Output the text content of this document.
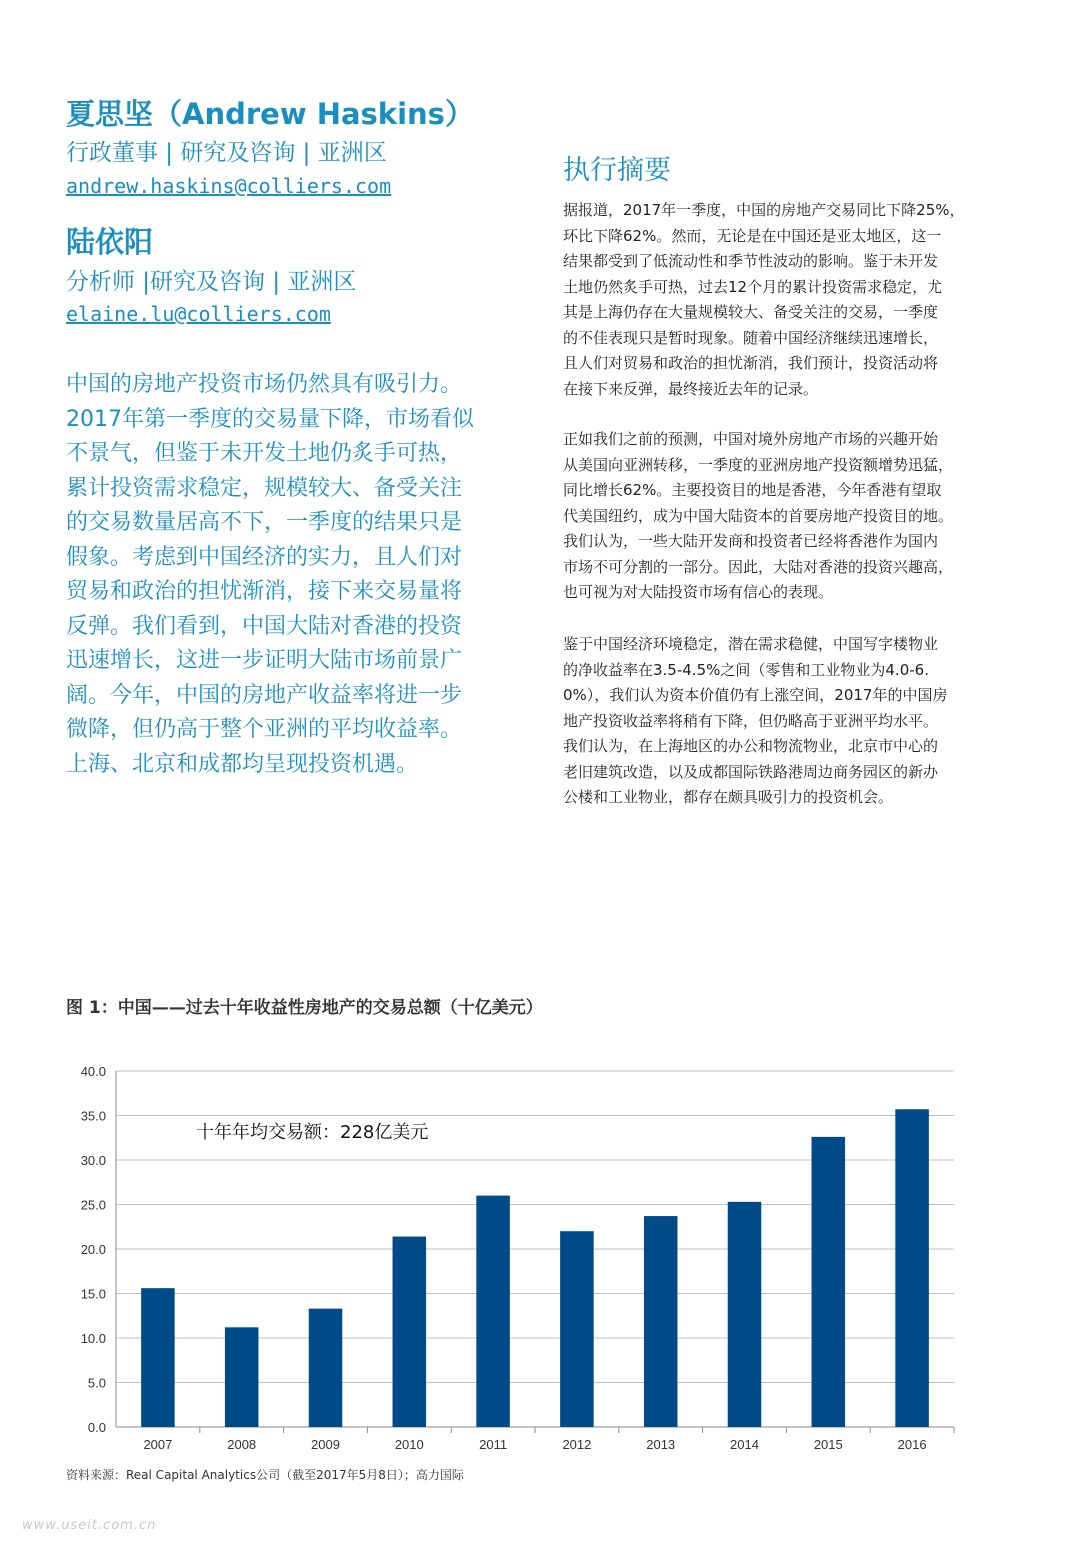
夏思坚（Andrew Haskins）
行政董事 | 研究及咨询 | 亚洲区
andrew.haskins@colliers.com
陆依阳
分析师 |研究及咨询 | 亚洲区
elaine.lu@colliers.com
中国的房地产投资市场仍然具有吸引力。
2017年第一季度的交易量下降，市场看似
不景气，但鉴于未开发土地仍炙手可热，
累计投资需求稳定，规模较大、备受关注
的交易数量居高不下，一季度的结果只是
假象。考虑到中国经济的实力，且人们对
贸易和政治的担忧渐消，接下来交易量将
反弹。我们看到，中国大陆对香港的投资
迅速增长，这进一步证明大陆市场前景广
阔。今年，中国的房地产收益率将进一步
微降，但仍高于整个亚洲的平均收益率。
上海、北京和成都均呈现投资机遇。
执行摘要
据报道，2017年一季度，中国的房地产交易同比下降25%，
环比下降62%。然而，无论是在中国还是亚太地区，这一
结果都受到了低流动性和季节性波动的影响。鉴于未开发
土地仍然炙手可热，过去12个月的累计投资需求稳定，尤
其是上海仍存在大量规模较大、备受关注的交易，一季度
的不佳表现只是暂时现象。随着中国经济继续迅速增长，
且人们对贸易和政治的担忧渐消，我们预计，投资活动将
在接下来反弹，最终接近去年的记录。
正如我们之前的预测，中国对境外房地产市场的兴趣开始
从美国向亚洲转移，一季度的亚洲房地产投资额增势迅猛，
同比增长62%。主要投资目的地是香港，今年香港有望取
代美国纽约，成为中国大陆资本的首要房地产投资目的地。
我们认为，一些大陆开发商和投资者已经将香港作为国内
市场不可分割的一部分。因此，大陆对香港的投资兴趣高，
也可视为对大陆投资市场有信心的表现。
鉴于中国经济环境稳定，潜在需求稳健，中国写字楼物业
的净收益率在3.5-4.5%之间（零售和工业物业为4.0-6.
0%），我们认为资本价值仍有上涨空间，2017年的中国房
地产投资收益率将稍有下降，但仍略高于亚洲平均水平。
我们认为，在上海地区的办公和物流物业，北京市中心的
老旧建筑改造，以及成都国际铁路港周边商务园区的新办
公楼和工业物业，都存在颇具吸引力的投资机会。
图 1：中国——过去十年收益性房地产的交易总额（十亿美元）
0.0
5.0
10.0
15.0
20.0
25.0
30.0
35.0
40.0
2007	2008	2009	2010	2011	2012	2013	2014	2015	2016
十年年均交易额：228亿美元
资料来源：Real Capital Analytics公司（截至2017年5月8日）；高力国际
www.useit.com.cn
